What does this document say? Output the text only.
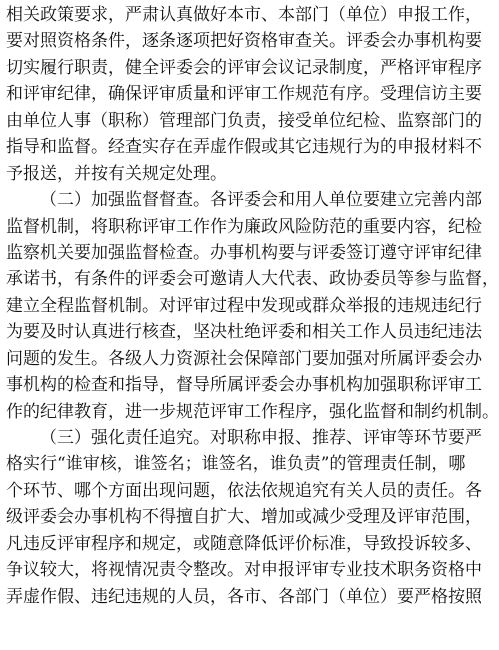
相关政策要求，严肃认真做好本市、本部门（单位）申报工作，
要对照资格条件，逐条逐项把好资格审查关。评委会办事机构要
切实履行职责，健全评委会的评审会议记录制度，严格评审程序
和评审纪律，确保评审质量和评审工作规范有序。受理信访主要
由单位人事（职称）管理部门负责，接受单位纪检、监察部门的
指导和监督。经查实存在弄虚作假或其它违规行为的申报材料不
予报送，并按有关规定处理。
（二）加强监督督查。各评委会和用人单位要建立完善内部
监督机制，将职称评审工作作为廉政风险防范的重要内容，纪检
监察机关要加强监督检查。办事机构要与评委签订遵守评审纪律
承诺书，有条件的评委会可邀请人大代表、政协委员等参与监督，
建立全程监督机制。对评审过程中发现或群众举报的违规违纪行
为要及时认真进行核查，坚决杜绝评委和相关工作人员违纪违法
问题的发生。各级人力资源社会保障部门要加强对所属评委会办
事机构的检查和指导，督导所属评委会办事机构加强职称评审工
作的纪律教育，进一步规范评审工作程序，强化监督和制约机制。
（三）强化责任追究。对职称申报、推荐、评审等环节要严
格实行“谁审核，谁签名；谁签名，谁负责”的管理责任制，哪
个环节、哪个方面出现问题，依法依规追究有关人员的责任。各
级评委会办事机构不得擅自扩大、增加或减少受理及评审范围，
凡违反评审程序和规定，或随意降低评价标准，导致投诉较多、
争议较大，将视情况责令整改。对申报评审专业技术职务资格中
弄虚作假、违纪违规的人员，各市、各部门（单位）要严格按照
